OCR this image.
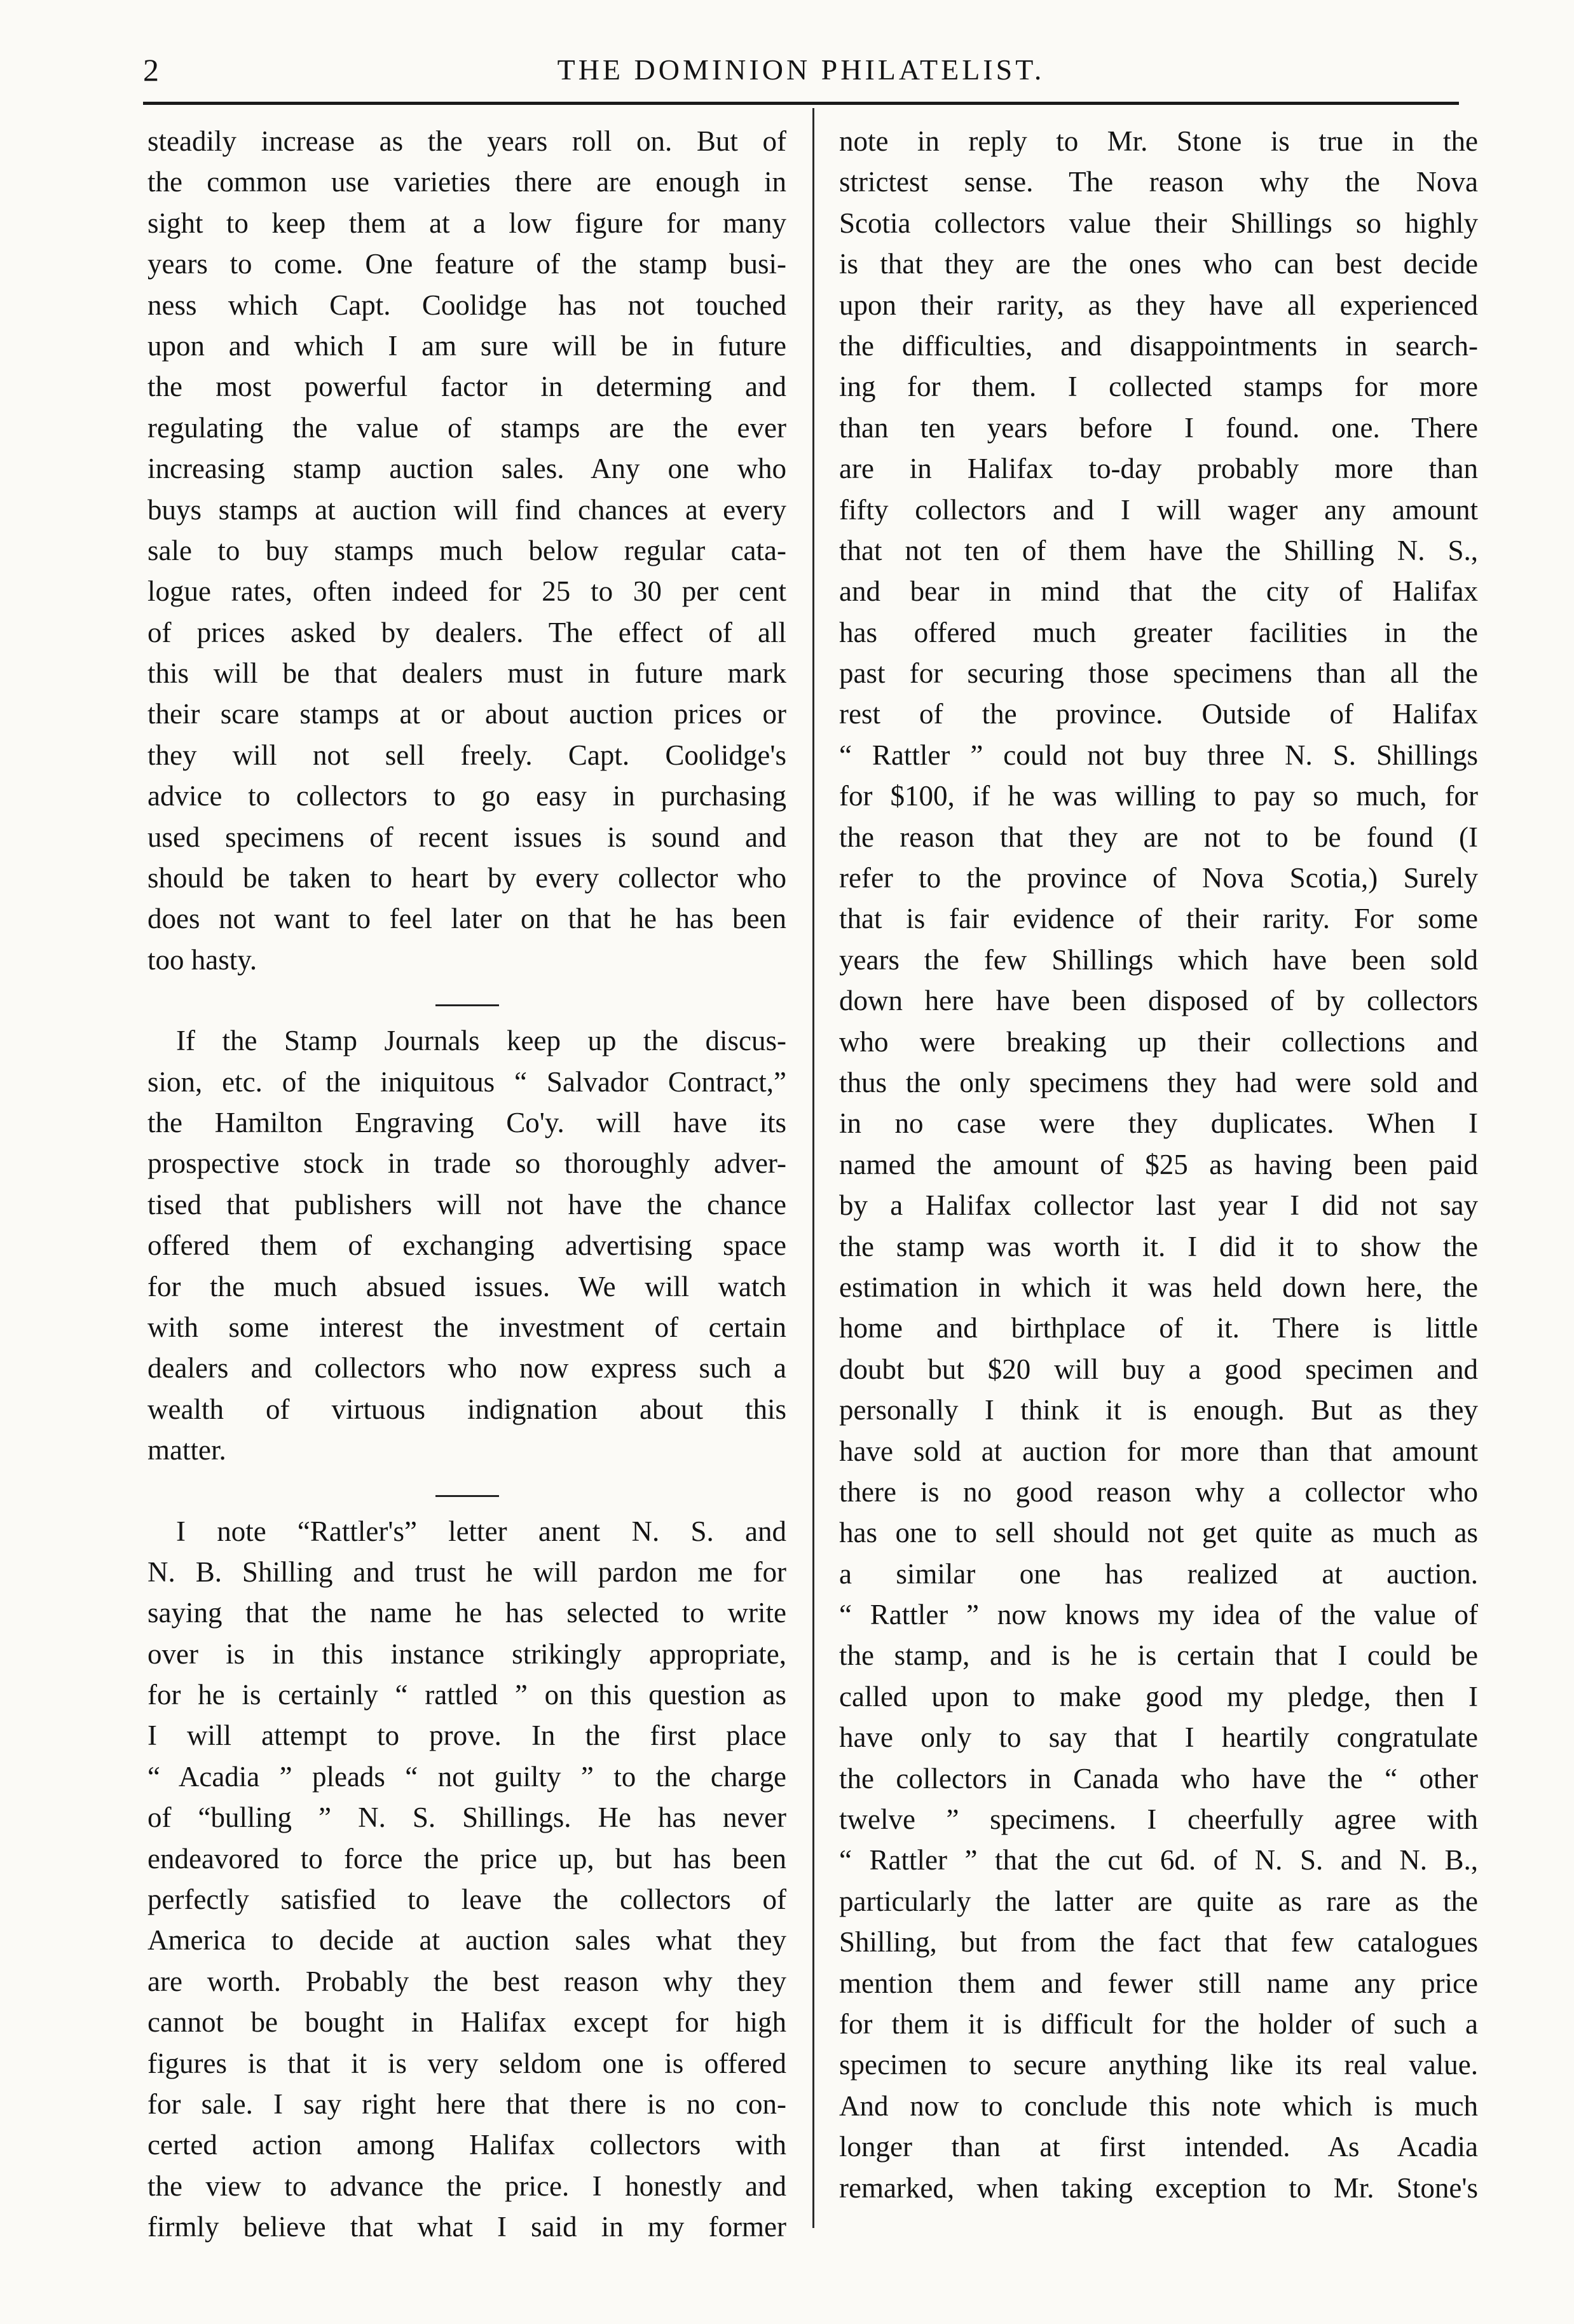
2	THE DOMINION PHILATELIST.
steadily increase as the years roll on. But of
the common use varieties there are enough in
sight to keep them at a low figure for many
years to come. One feature of the stamp busi-
ness which Capt. Coolidge has not touched
upon and which I am sure will be in future
the most powerful factor in determing and
regulating the value of stamps are the ever
increasing stamp auction sales. Any one who
buys stamps at auction will find chances at every
sale to buy stamps much below regular cata-
logue rates, often indeed for 25 to 30 per cent
of prices asked by dealers. The effect of all
this will be that dealers must in future mark
their scare stamps at or about auction prices or
they will not sell freely. Capt. Coolidge's
advice to collectors to go easy in purchasing
used specimens of recent issues is sound and
should be taken to heart by every collector who
does not want to feel later on that he has been
too hasty.
If the Stamp Journals keep up the discus-
sion, etc. of the iniquitous “ Salvador Contract,”
the Hamilton Engraving Co'y. will have its
prospective stock in trade so thoroughly adver-
tised that publishers will not have the chance
offered them of exchanging advertising space
for the much absued issues. We will watch
with some interest the investment of certain
dealers and collectors who now express such a
wealth of virtuous indignation about this
matter.
I note “Rattler's” letter anent N. S. and
N. B. Shilling and trust he will pardon me for
saying that the name he has selected to write
over is in this instance strikingly appropriate,
for he is certainly “ rattled ” on this question as
I will attempt to prove. In the first place
“ Acadia ” pleads “ not guilty ” to the charge
of “bulling ” N. S. Shillings. He has never
endeavored to force the price up, but has been
perfectly satisfied to leave the collectors of
America to decide at auction sales what they
are worth. Probably the best reason why they
cannot be bought in Halifax except for high
figures is that it is very seldom one is offered
for sale. I say right here that there is no con-
certed action among Halifax collectors with
the view to advance the price. I honestly and
firmly believe that what I said in my former
note in reply to Mr. Stone is true in the
strictest sense. The reason why the Nova
Scotia collectors value their Shillings so highly
is that they are the ones who can best decide
upon their rarity, as they have all experienced
the difficulties, and disappointments in search-
ing for them. I collected stamps for more
than ten years before I found. one. There
are in Halifax to-day probably more than
fifty collectors and I will wager any amount
that not ten of them have the Shilling N. S.,
and bear in mind that the city of Halifax
has offered much greater facilities in the
past for securing those specimens than all the
rest of the province. Outside of Halifax
“ Rattler ” could not buy three N. S. Shillings
for $100, if he was willing to pay so much, for
the reason that they are not to be found (I
refer to the province of Nova Scotia,) Surely
that is fair evidence of their rarity. For some
years the few Shillings which have been sold
down here have been disposed of by collectors
who were breaking up their collections and
thus the only specimens they had were sold and
in no case were they duplicates. When I
named the amount of $25 as having been paid
by a Halifax collector last year I did not say
the stamp was worth it. I did it to show the
estimation in which it was held down here, the
home and birthplace of it. There is little
doubt but $20 will buy a good specimen and
personally I think it is enough. But as they
have sold at auction for more than that amount
there is no good reason why a collector who
has one to sell should not get quite as much as
a similar one has realized at auction.
“ Rattler ” now knows my idea of the value of
the stamp, and is he is certain that I could be
called upon to make good my pledge, then I
have only to say that I heartily congratulate
the collectors in Canada who have the “ other
twelve ” specimens. I cheerfully agree with
“ Rattler ” that the cut 6d. of N. S. and N. B.,
particularly the latter are quite as rare as the
Shilling, but from the fact that few catalogues
mention them and fewer still name any price
for them it is difficult for the holder of such a
specimen to secure anything like its real value.
And now to conclude this note which is much
longer than at first intended. As Acadia
remarked, when taking exception to Mr. Stone's
